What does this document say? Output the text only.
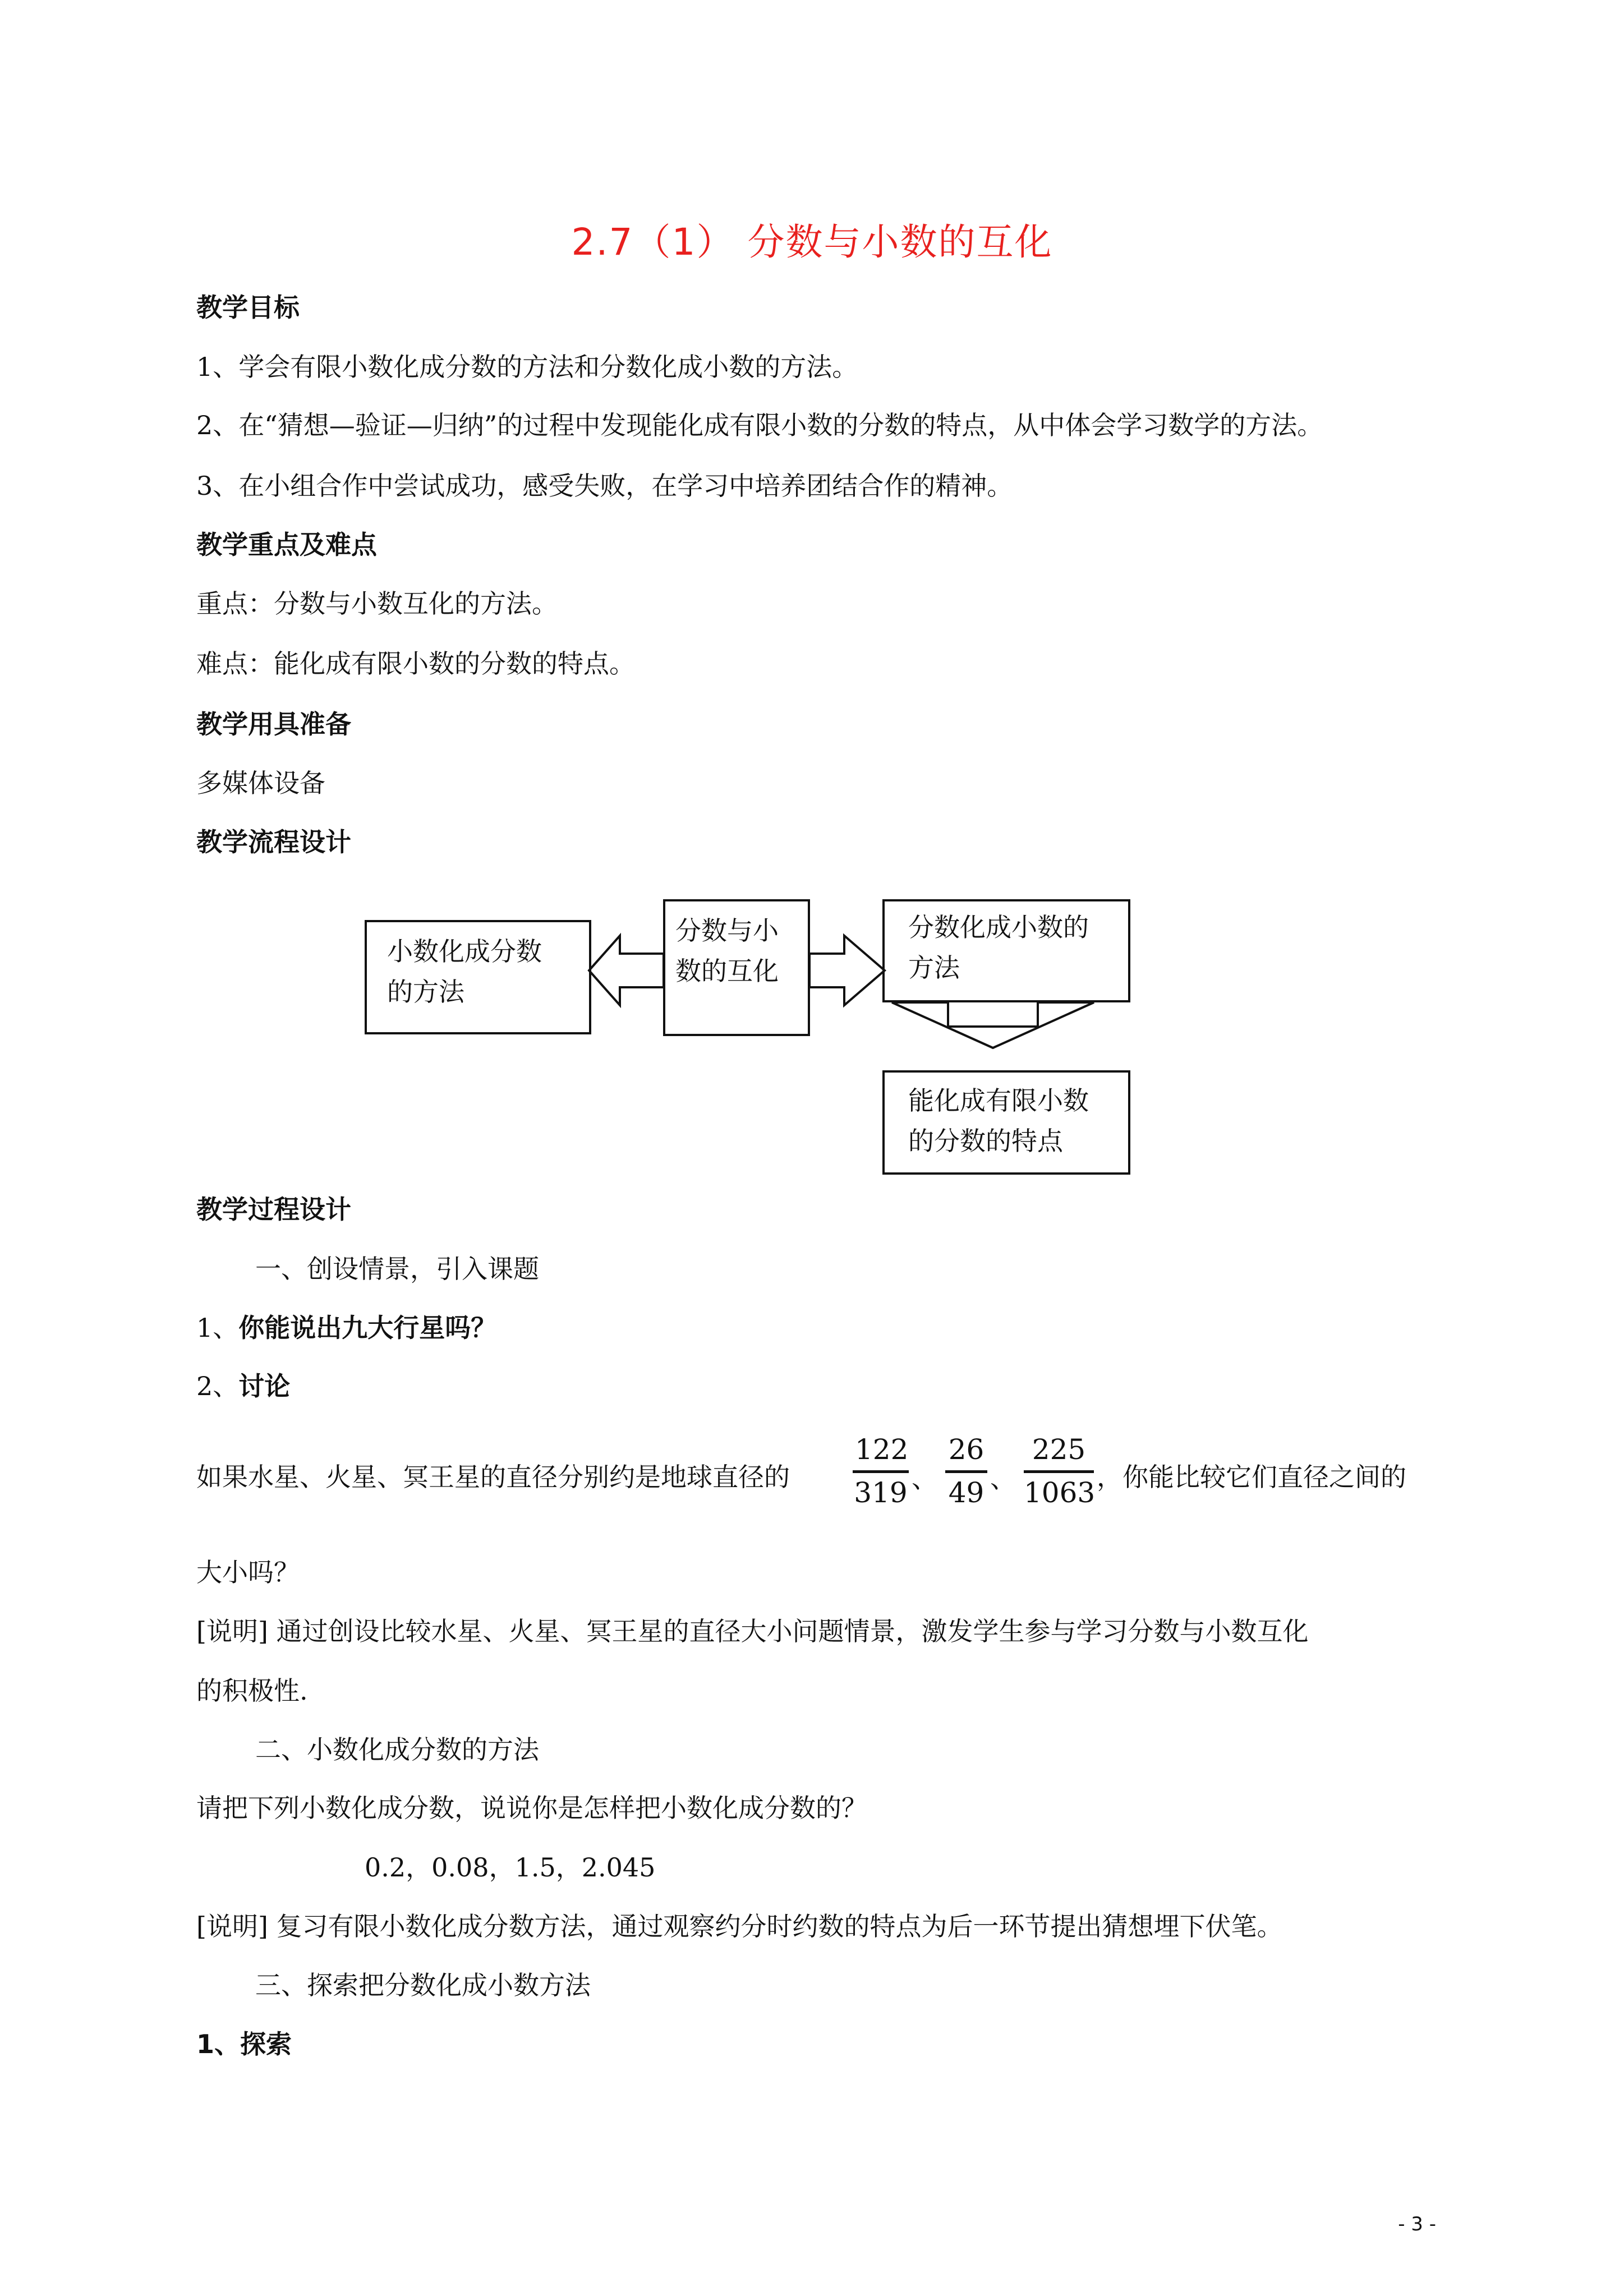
2.7（1） 分数与小数的互化
教学目标
1、学会有限小数化成分数的方法和分数化成小数的方法。
2、在“猜想—验证—归纳”的过程中发现能化成有限小数的分数的特点，从中体会学习数学的方法。
3、在小组合作中尝试成功，感受失败，在学习中培养团结合作的精神。
教学重点及难点
重点：分数与小数互化的方法。
难点：能化成有限小数的分数的特点。
教学用具准备
多媒体设备
教学流程设计
小数化成分数
的方法
分数与小
数的互化
分数化成小数的
方法
能化成有限小数
的分数的特点
教学过程设计
一、创设情景，引入课题
1、你能说出九大行星吗？
2、讨论
如果水星、火星、冥王星的直径分别约是地球直径的 $\frac{122}{319}$ 、 $\frac{26}{49}$ 、 $\frac{225}{1063}$ ，你能比较它们直径之间的
大小吗？
[说明] 通过创设比较水星、火星、冥王星的直径大小问题情景，激发学生参与学习分数与小数互化
的积极性.
二、小数化成分数的方法
请把下列小数化成分数，说说你是怎样把小数化成分数的？
0.2，0.08，1.5，2.045
[说明] 复习有限小数化成分数方法，通过观察约分时约数的特点为后一环节提出猜想埋下伏笔。
三、探索把分数化成小数方法
1、探索
- 3 -
